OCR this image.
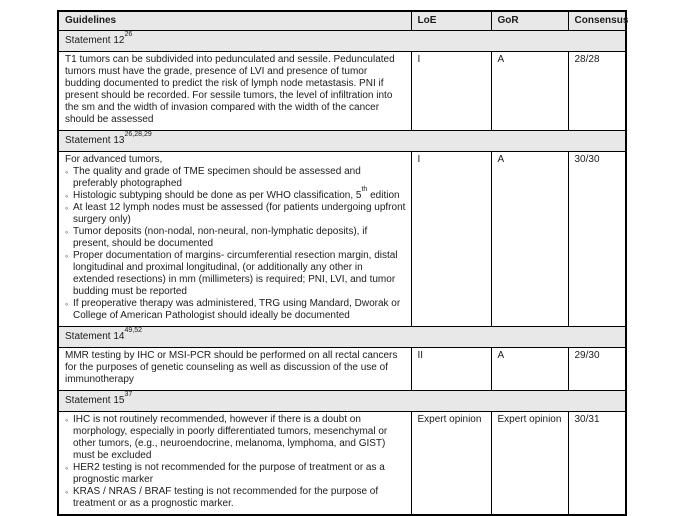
Guidelines	LoE	GoR	Consensus
Statement $12^{26}$

T1 tumors can be subdivided into pedunculated and sessile. Pedunculated tumors must have the grade, presence of LVI and presence of tumor budding documented to predict the risk of lymph node metastasis. PNI if present should be recorded. For sessile tumors, the level of infiltration into the sm and the width of invasion compared with the width of the cancer should be assessed	I	A	28/28
Statement 13$^{26,28,29}$

For advanced tumors,
◦ The quality and grade of TME specimen should be assessed and preferably photographed
◦ Histologic subtyping should be done as per WHO classification, 5th edition
◦ At least 12 lymph nodes must be assessed (for patients undergoing upfront surgery only)
◦ Tumor deposits (non-nodal, non-neural, non-lymphatic deposits), if present, should be documented
◦ Proper documentation of margins- circumferential resection margin, distal longitudinal and proximal longitudinal, (or additionally any other in extended resections) in mm (millimeters) is required; PNI, LVI, and tumor budding must be reported
◦ If preoperative therapy was administered, TRG using Mandard, Dworak or College of American Pathologist should ideally be documented
	I	A	30/30
Statement 14$^{49,52}$

MMR testing by IHC or MSI-PCR should be performed on all rectal cancers for the purposes of genetic counseling as well as discussion of the use of immunotherapy	II	A	29/30
Statement $15^{37}$

◦ IHC is not routinely recommended, however if there is a doubt on morphology, especially in poorly differentiated tumors, mesenchymal or other tumors, (e.g., neuroendocrine, melanoma, lymphoma, and GIST) must be excluded
◦ HER2 testing is not recommended for the purpose of treatment or as a prognostic marker
◦ KRAS / NRAS / BRAF testing is not recommended for the purpose of treatment or as a prognostic marker.
	Expert opinion	Expert opinion	30/31
